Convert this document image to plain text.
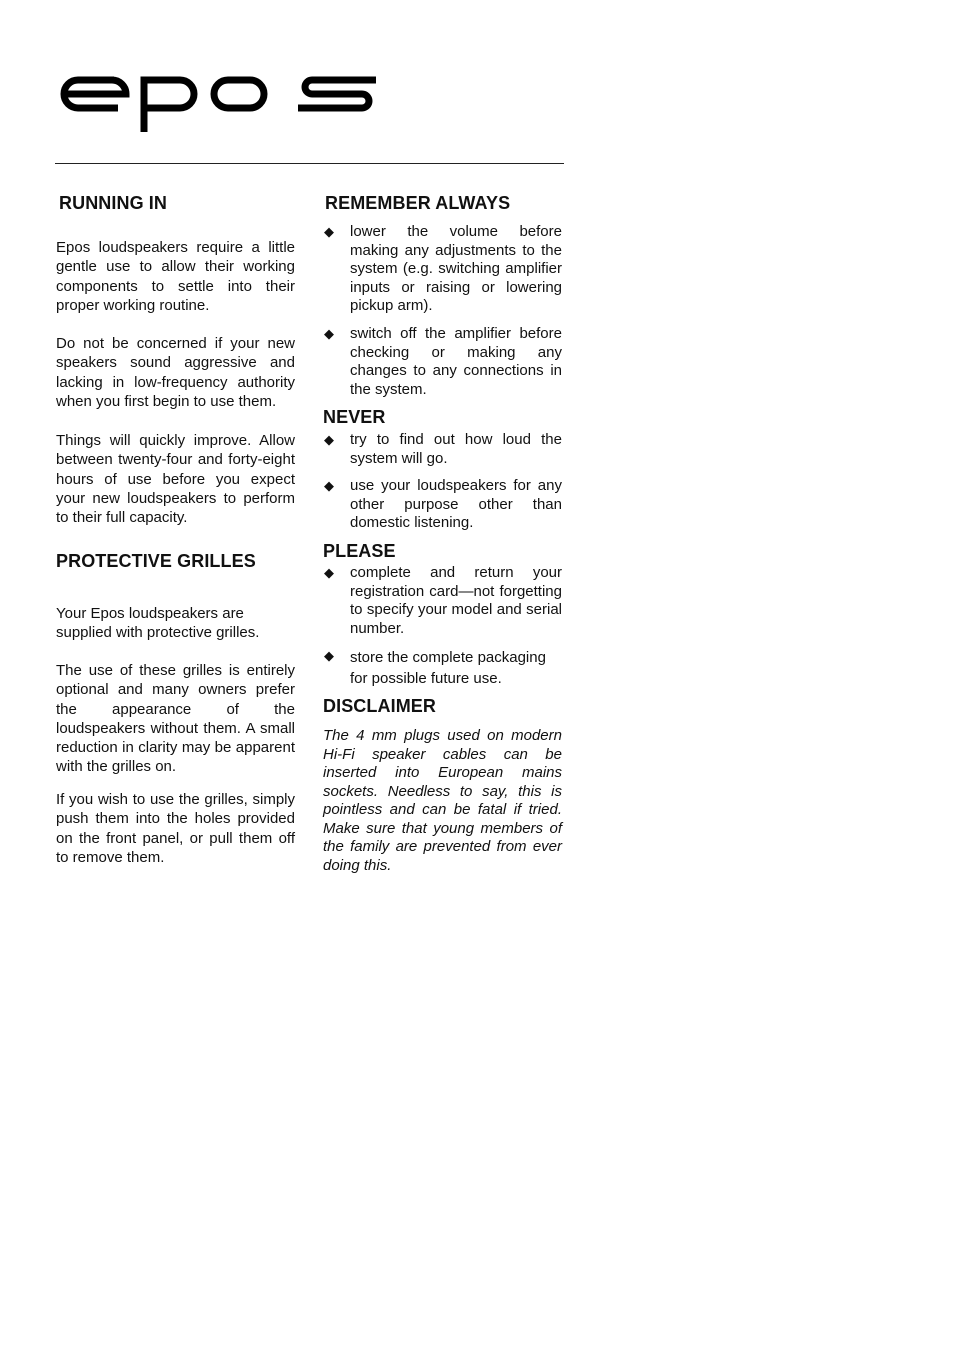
RUNNING IN

Epos loudspeakers require a little gentle use to allow their working components to settle into their proper working routine.

Do not be concerned if your new speakers sound aggressive and lacking in low-frequency authority when you first begin to use them.

Things will quickly improve. Allow between twenty-four and forty-eight hours of use before you expect your new loudspeakers to perform to their full capacity.

PROTECTIVE GRILLES

Your Epos loudspeakers are supplied with protective grilles.

The use of these grilles is entirely optional and many owners prefer the appearance of the loudspeakers without them. A small reduction in clarity may be apparent with the grilles on.

If you wish to use the grilles, simply push them into the holes provided on the front panel, or pull them off to remove them.

REMEMBER ALWAYS
◆ lower the volume before making any adjustments to the system (e.g. switching amplifier inputs or raising or lowering pickup arm).

◆ switch off the amplifier before checking or making any changes to any connections in the system.

NEVER
◆ try to find out how loud the system will go.

◆ use your loudspeakers for any other purpose other than domestic listening.

PLEASE
◆ complete and return your registration card—not forgetting to specify your model and serial number.

◆ store the complete packaging for possible future use.

DISCLAIMER

The 4 mm plugs used on modern Hi-Fi speaker cables can be inserted into European mains sockets. Needless to say, this is pointless and can be fatal if tried. Make sure that young members of the family are prevented from ever doing this.
